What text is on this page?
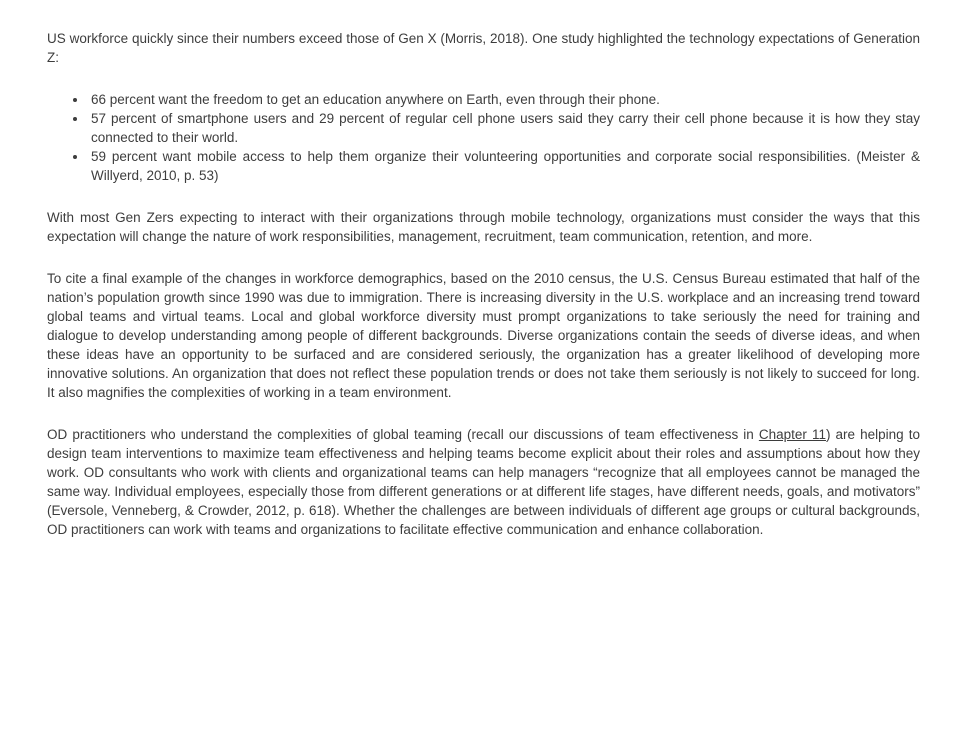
US workforce quickly since their numbers exceed those of Gen X (Morris, 2018). One study highlighted the technology expectations of Generation Z:

• 66 percent want the freedom to get an education anywhere on Earth, even through their phone.
• 57 percent of smartphone users and 29 percent of regular cell phone users said they carry their cell phone because it is how they stay connected to their world.
• 59 percent want mobile access to help them organize their volunteering opportunities and corporate social responsibilities. (Meister & Willyerd, 2010, p. 53)

With most Gen Zers expecting to interact with their organizations through mobile technology, organizations must consider the ways that this expectation will change the nature of work responsibilities, management, recruitment, team communication, retention, and more.

To cite a final example of the changes in workforce demographics, based on the 2010 census, the U.S. Census Bureau estimated that half of the nation’s population growth since 1990 was due to immigration. There is increasing diversity in the U.S. workplace and an increasing trend toward global teams and virtual teams. Local and global workforce diversity must prompt organizations to take seriously the need for training and dialogue to develop understanding among people of different backgrounds. Diverse organizations contain the seeds of diverse ideas, and when these ideas have an opportunity to be surfaced and are considered seriously, the organization has a greater likelihood of developing more innovative solutions. An organization that does not reflect these population trends or does not take them seriously is not likely to succeed for long. It also magnifies the complexities of working in a team environment.

OD practitioners who understand the complexities of global teaming (recall our discussions of team effectiveness in Chapter 11) are helping to design team interventions to maximize team effectiveness and helping teams become explicit about their roles and assumptions about how they work. OD consultants who work with clients and organizational teams can help managers “recognize that all employees cannot be managed the same way. Individual employees, especially those from different generations or at different life stages, have different needs, goals, and motivators” (Eversole, Venneberg, & Crowder, 2012, p. 618). Whether the challenges are between individuals of different age groups or cultural backgrounds, OD practitioners can work with teams and organizations to facilitate effective communication and enhance collaboration.
